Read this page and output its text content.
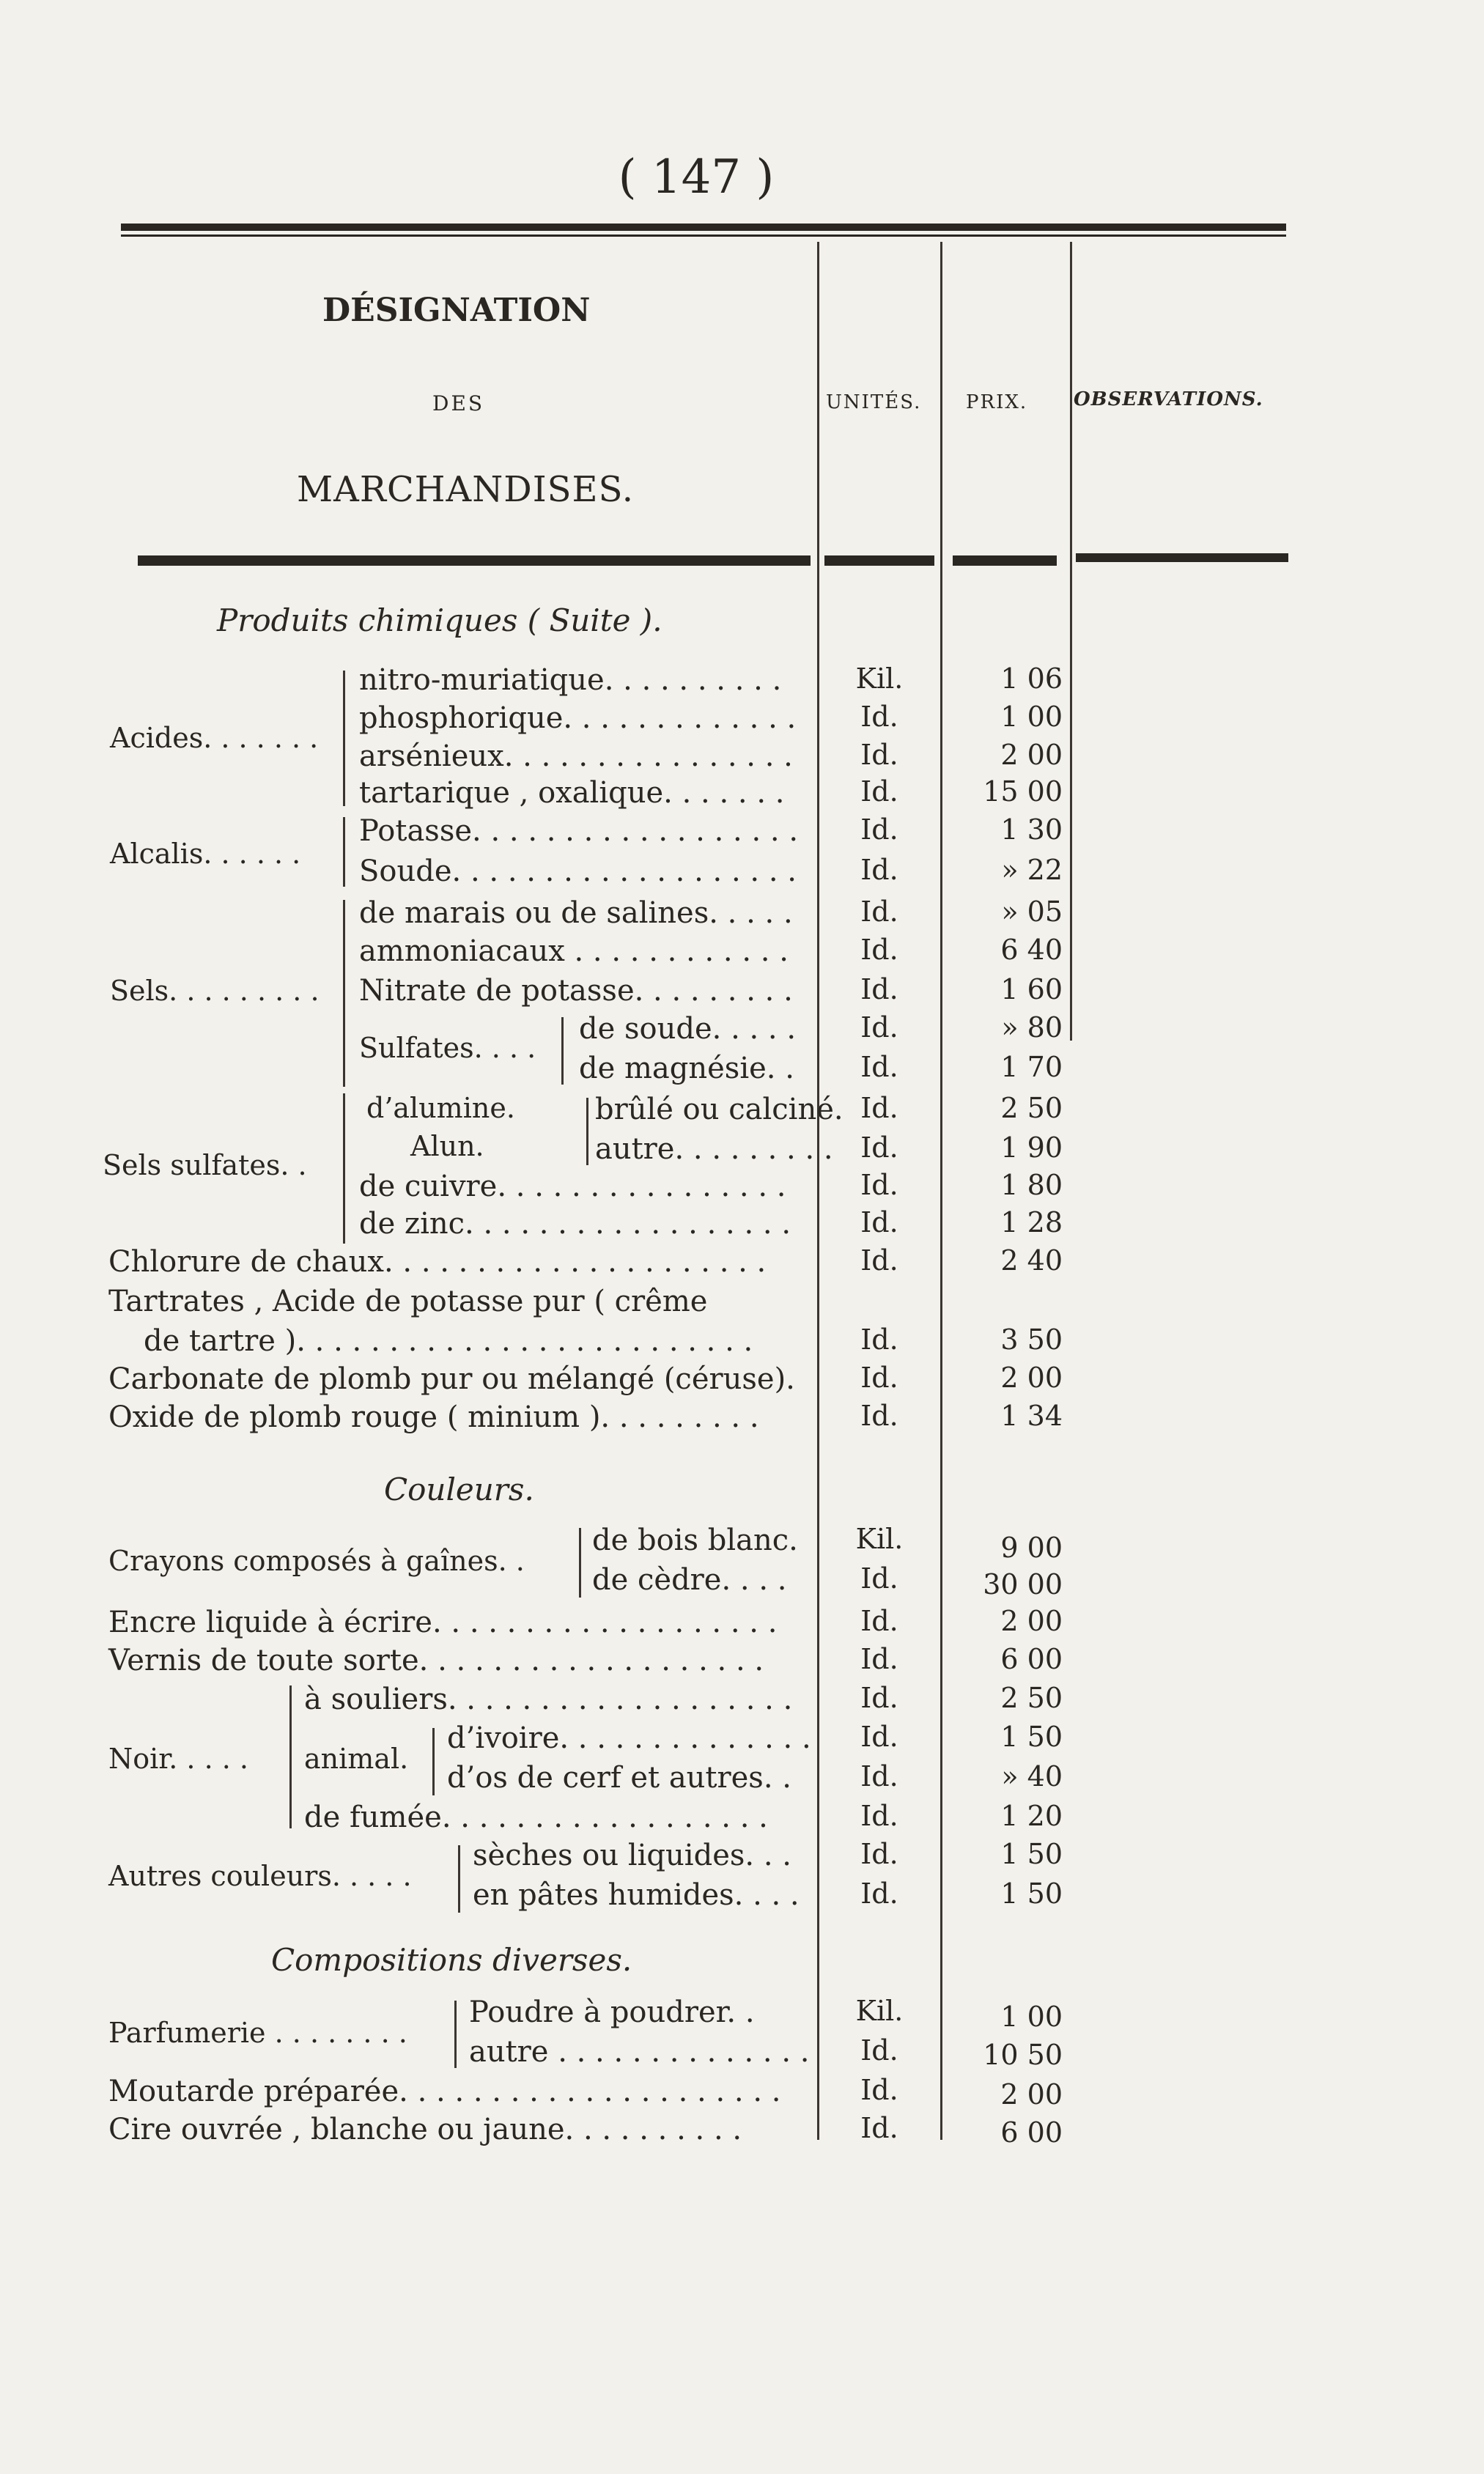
( 147 )
DÉSIGNATION
DES
MARCHANDISES.
UNITÉS. PRIX. OBSERVATIONS.
Produits chimiques ( Suite ).
Acides. . . . . . .
nitro-muriatique. . . . . . . . . .	Kil.	1 06
phosphorique. . . . . . . . . . . . .	Id.	1 00
arsénieux. . . . . . . . . . . . . . . .	Id.	2 00
tartarique , oxalique. . . . . . .	Id.	15 00
Alcalis. . . . . .
Potasse. . . . . . . . . . . . . . . . . .	Id.	1 30
Soude. . . . . . . . . . . . . . . . . . .	Id.	» 22
Sels. . . . . . . . .
de marais ou de salines. . . . .	Id.	» 05
ammoniacaux . . . . . . . . . . . .	Id.	6 40
Nitrate de potasse. . . . . . . . .	Id.	1 60
Sulfates. . . .
de soude. . . . .	Id.	» 80
de magnésie. .	Id.	1 70
Sels sulfates. .
d’alumine.
Alun.
brûlé ou calciné. Id.	2 50
autre. . . . . . . . . Id.	1 90
de cuivre. . . . . . . . . . . . . . . .	Id.	1 80
de zinc. . . . . . . . . . . . . . . . . .	Id.	1 28
Chlorure de chaux. . . . . . . . . . . . . . . . . . . . .	Id.	2 40
Tartrates , Acide de potasse pur ( crême
de tartre ). . . . . . . . . . . . . . . . . . . . . . . . .	Id.	3 50
Carbonate de plomb pur ou mélangé (céruse).	Id.	2 00
Oxide de plomb rouge ( minium ). . . . . . . . .	Id.	1 34
Couleurs.
Crayons composés à gaînes. .
de bois blanc.	Kil.	9 00
de cèdre. . . .	Id.	30 00
Encre liquide à écrire. . . . . . . . . . . . . . . . . . .	Id.	2 00
Vernis de toute sorte. . . . . . . . . . . . . . . . . . .	Id.	6 00
Noir. . . . .
à souliers. . . . . . . . . . . . . . . . . . .	Id.	2 50
animal.
d’ivoire. . . . . . . . . . . . . .	Id.	1 50
d’os de cerf et autres. .	Id.	» 40
de fumée. . . . . . . . . . . . . . . . . .	Id.	1 20
Autres couleurs. . . . .
sèches ou liquides. . .	Id.	1 50
en pâtes humides. . . .	Id.	1 50
Compositions diverses.
Parfumerie . . . . . . . .
Poudre à poudrer. .	Kil.	1 00
autre . . . . . . . . . . . . . .	Id.	10 50
Moutarde préparée. . . . . . . . . . . . . . . . . . . . .	Id.	2 00
Cire ouvrée , blanche ou jaune. . . . . . . . . .	Id.	6 00
